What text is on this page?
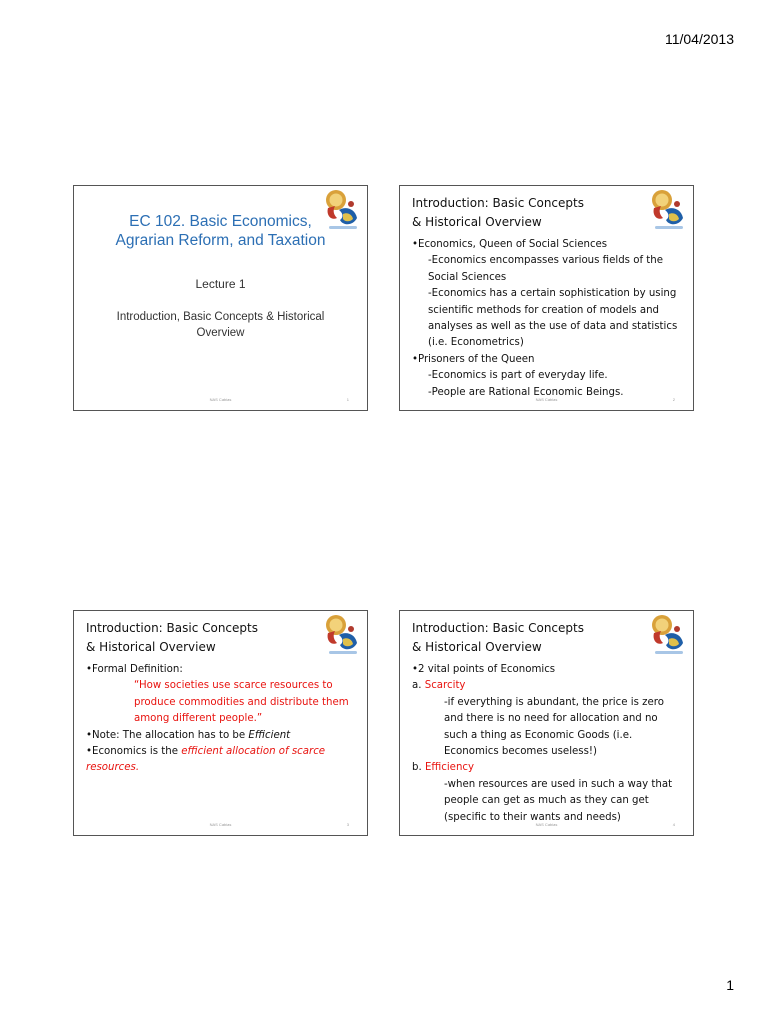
11/04/2013
EC 102. Basic Economics,
Agrarian Reform, and Taxation
Lecture 1
Introduction, Basic Concepts & Historical
Overview
NAS Cabias	1
Introduction: Basic Concepts
& Historical Overview
•Economics, Queen of Social Sciences
-Economics encompasses various fields of the
Social Sciences
-Economics has a certain sophistication by using
scientific methods for creation of models and
analyses as well as the use of data and statistics
(i.e. Econometrics)
•Prisoners of the Queen
-Economics is part of everyday life.
-People are Rational Economic Beings.
NAS Cabias	2
Introduction: Basic Concepts
& Historical Overview
•Formal Definition:
“How societies use scarce resources to
produce commodities and distribute them
among different people.”
•Note: The allocation has to be Efficient
•Economics is the efficient allocation of scarce
resources.
NAS Cabias	3
Introduction: Basic Concepts
& Historical Overview
•2 vital points of Economics
a. Scarcity
-if everything is abundant, the price is zero
and there is no need for allocation and no
such a thing as Economic Goods (i.e.
Economics becomes useless!)
b. Efficiency
-when resources are used in such a way that
people can get as much as they can get
(specific to their wants and needs)
NAS Cabias	4
1
